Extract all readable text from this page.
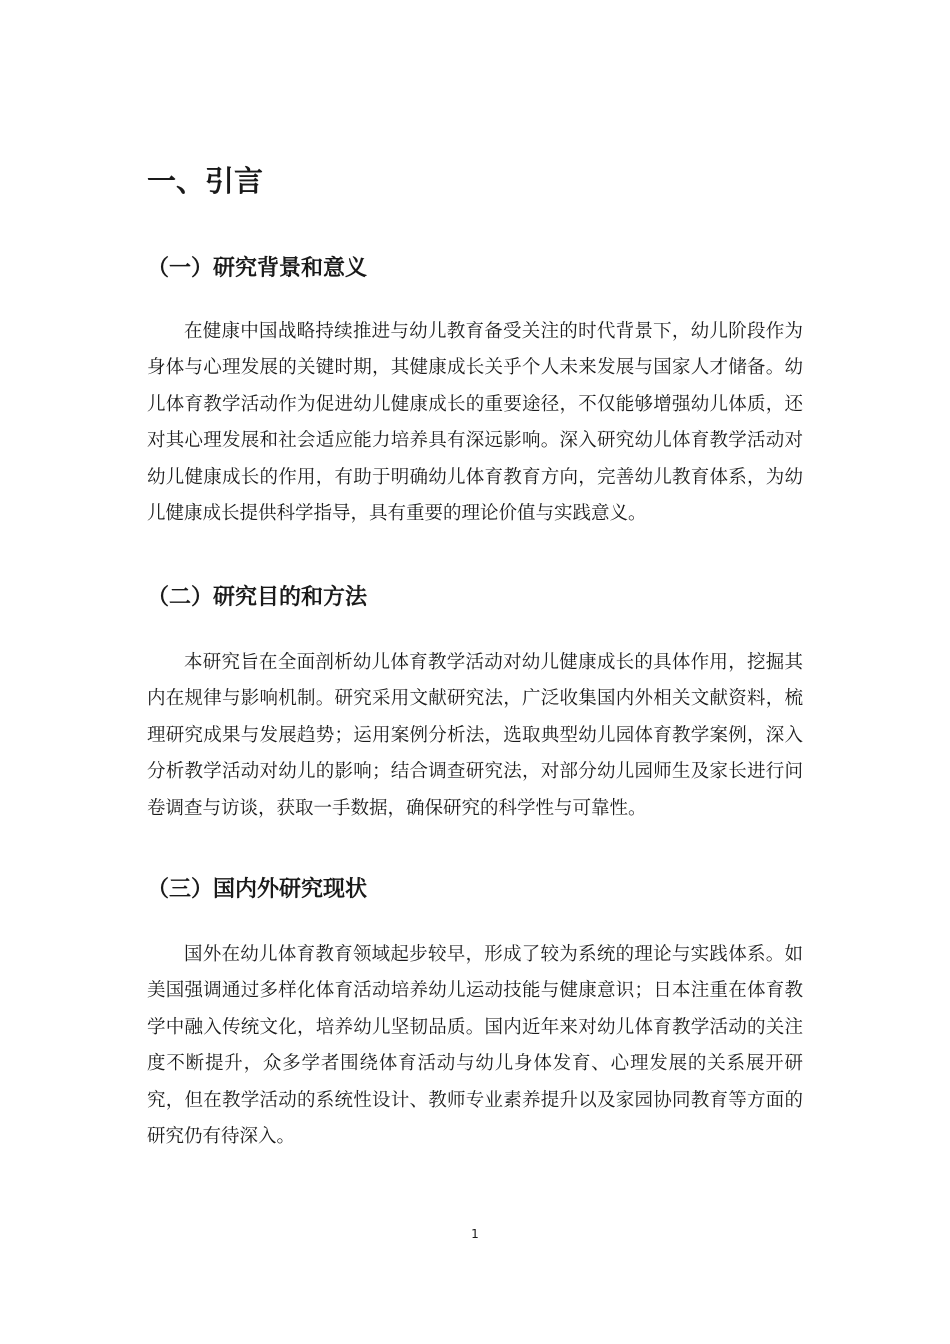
一、引言
（一）研究背景和意义

在健康中国战略持续推进与幼儿教育备受关注的时代背景下，幼儿阶段作为身体与心理发展的关键时期，其健康成长关乎个人未来发展与国家人才储备。幼儿体育教学活动作为促进幼儿健康成长的重要途径，不仅能够增强幼儿体质，还对其心理发展和社会适应能力培养具有深远影响。深入研究幼儿体育教学活动对幼儿健康成长的作用，有助于明确幼儿体育教育方向，完善幼儿教育体系，为幼儿健康成长提供科学指导，具有重要的理论价值与实践意义。

（二）研究目的和方法

本研究旨在全面剖析幼儿体育教学活动对幼儿健康成长的具体作用，挖掘其内在规律与影响机制。研究采用文献研究法，广泛收集国内外相关文献资料，梳理研究成果与发展趋势；运用案例分析法，选取典型幼儿园体育教学案例，深入分析教学活动对幼儿的影响；结合调查研究法，对部分幼儿园师生及家长进行问卷调查与访谈，获取一手数据，确保研究的科学性与可靠性。

（三）国内外研究现状

国外在幼儿体育教育领域起步较早，形成了较为系统的理论与实践体系。如美国强调通过多样化体育活动培养幼儿运动技能与健康意识；日本注重在体育教学中融入传统文化，培养幼儿坚韧品质。国内近年来对幼儿体育教学活动的关注度不断提升，众多学者围绕体育活动与幼儿身体发育、心理发展的关系展开研究，但在教学活动的系统性设计、教师专业素养提升以及家园协同教育等方面的研究仍有待深入。

1
